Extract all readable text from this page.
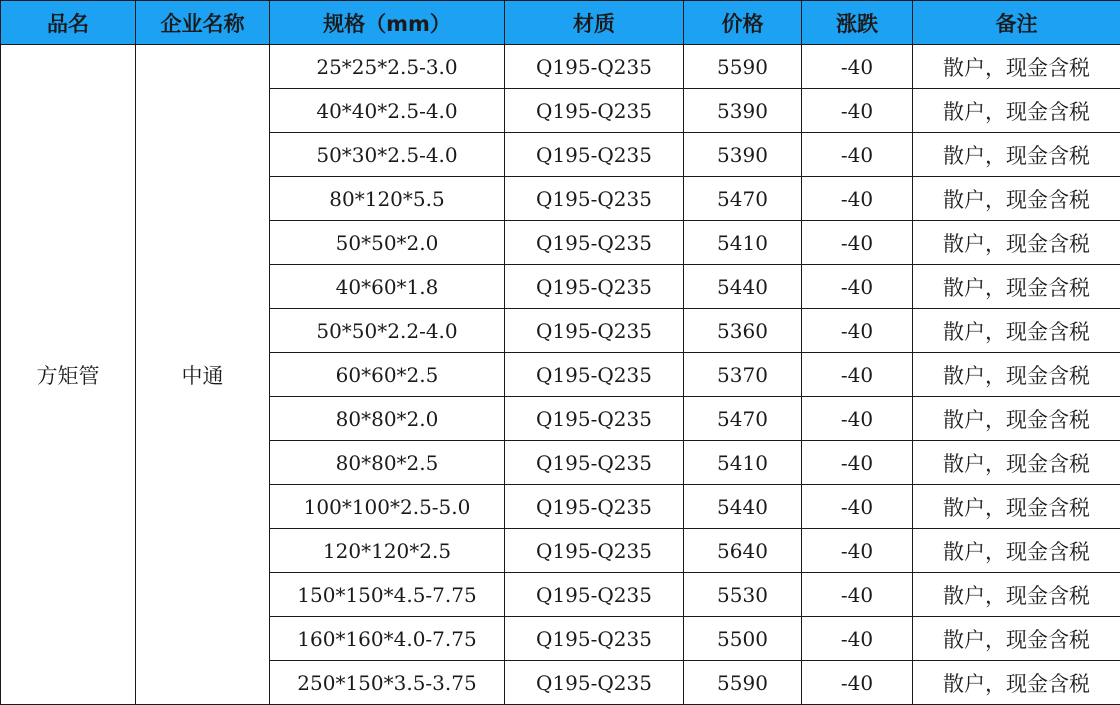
品名	企业名称	规格（mm）	材质	价格	涨跌	备注
方矩管	中通	25*25*2.5-3.0	Q195-Q235	5590	-40	散户，现金含税
		40*40*2.5-4.0	Q195-Q235	5390	-40	散户，现金含税
		50*30*2.5-4.0	Q195-Q235	5390	-40	散户，现金含税
		80*120*5.5	Q195-Q235	5470	-40	散户，现金含税
		50*50*2.0	Q195-Q235	5410	-40	散户，现金含税
		40*60*1.8	Q195-Q235	5440	-40	散户，现金含税
		50*50*2.2-4.0	Q195-Q235	5360	-40	散户，现金含税
		60*60*2.5	Q195-Q235	5370	-40	散户，现金含税
		80*80*2.0	Q195-Q235	5470	-40	散户，现金含税
		80*80*2.5	Q195-Q235	5410	-40	散户，现金含税
		100*100*2.5-5.0	Q195-Q235	5440	-40	散户，现金含税
		120*120*2.5	Q195-Q235	5640	-40	散户，现金含税
		150*150*4.5-7.75	Q195-Q235	5530	-40	散户，现金含税
		160*160*4.0-7.75	Q195-Q235	5500	-40	散户，现金含税
		250*150*3.5-3.75	Q195-Q235	5590	-40	散户，现金含税
